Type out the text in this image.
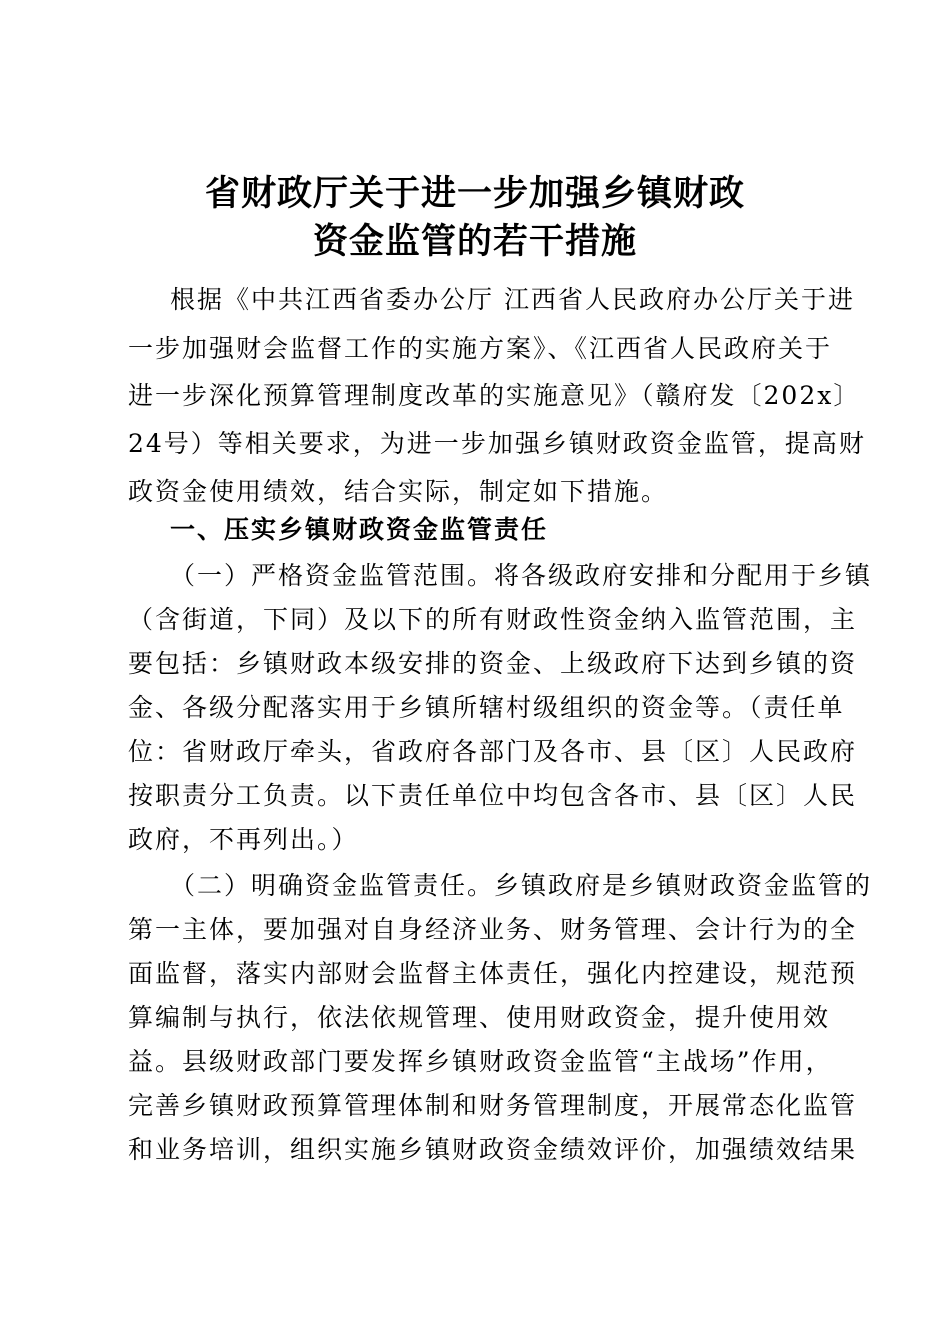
省财政厅关于进一步加强乡镇财政
资金监管的若干措施
根据《中共江西省委办公厅 江西省人民政府办公厅关于进
一步加强财会监督工作的实施方案》、《江西省人民政府关于
进一步深化预算管理制度改革的实施意见》（赣府发〔202x〕
24号）等相关要求，为进一步加强乡镇财政资金监管，提高财
政资金使用绩效，结合实际，制定如下措施。
一、压实乡镇财政资金监管责任
（一）严格资金监管范围。将各级政府安排和分配用于乡镇
（含街道，下同）及以下的所有财政性资金纳入监管范围，主
要包括：乡镇财政本级安排的资金、上级政府下达到乡镇的资
金、各级分配落实用于乡镇所辖村级组织的资金等。（责任单
位：省财政厅牵头，省政府各部门及各市、县〔区〕人民政府
按职责分工负责。以下责任单位中均包含各市、县〔区〕人民
政府，不再列出。）
（二）明确资金监管责任。乡镇政府是乡镇财政资金监管的
第一主体，要加强对自身经济业务、财务管理、会计行为的全
面监督，落实内部财会监督主体责任，强化内控建设，规范预
算编制与执行，依法依规管理、使用财政资金，提升使用效
益。县级财政部门要发挥乡镇财政资金监管“主战场”作用，
完善乡镇财政预算管理体制和财务管理制度，开展常态化监管
和业务培训，组织实施乡镇财政资金绩效评价，加强绩效结果
